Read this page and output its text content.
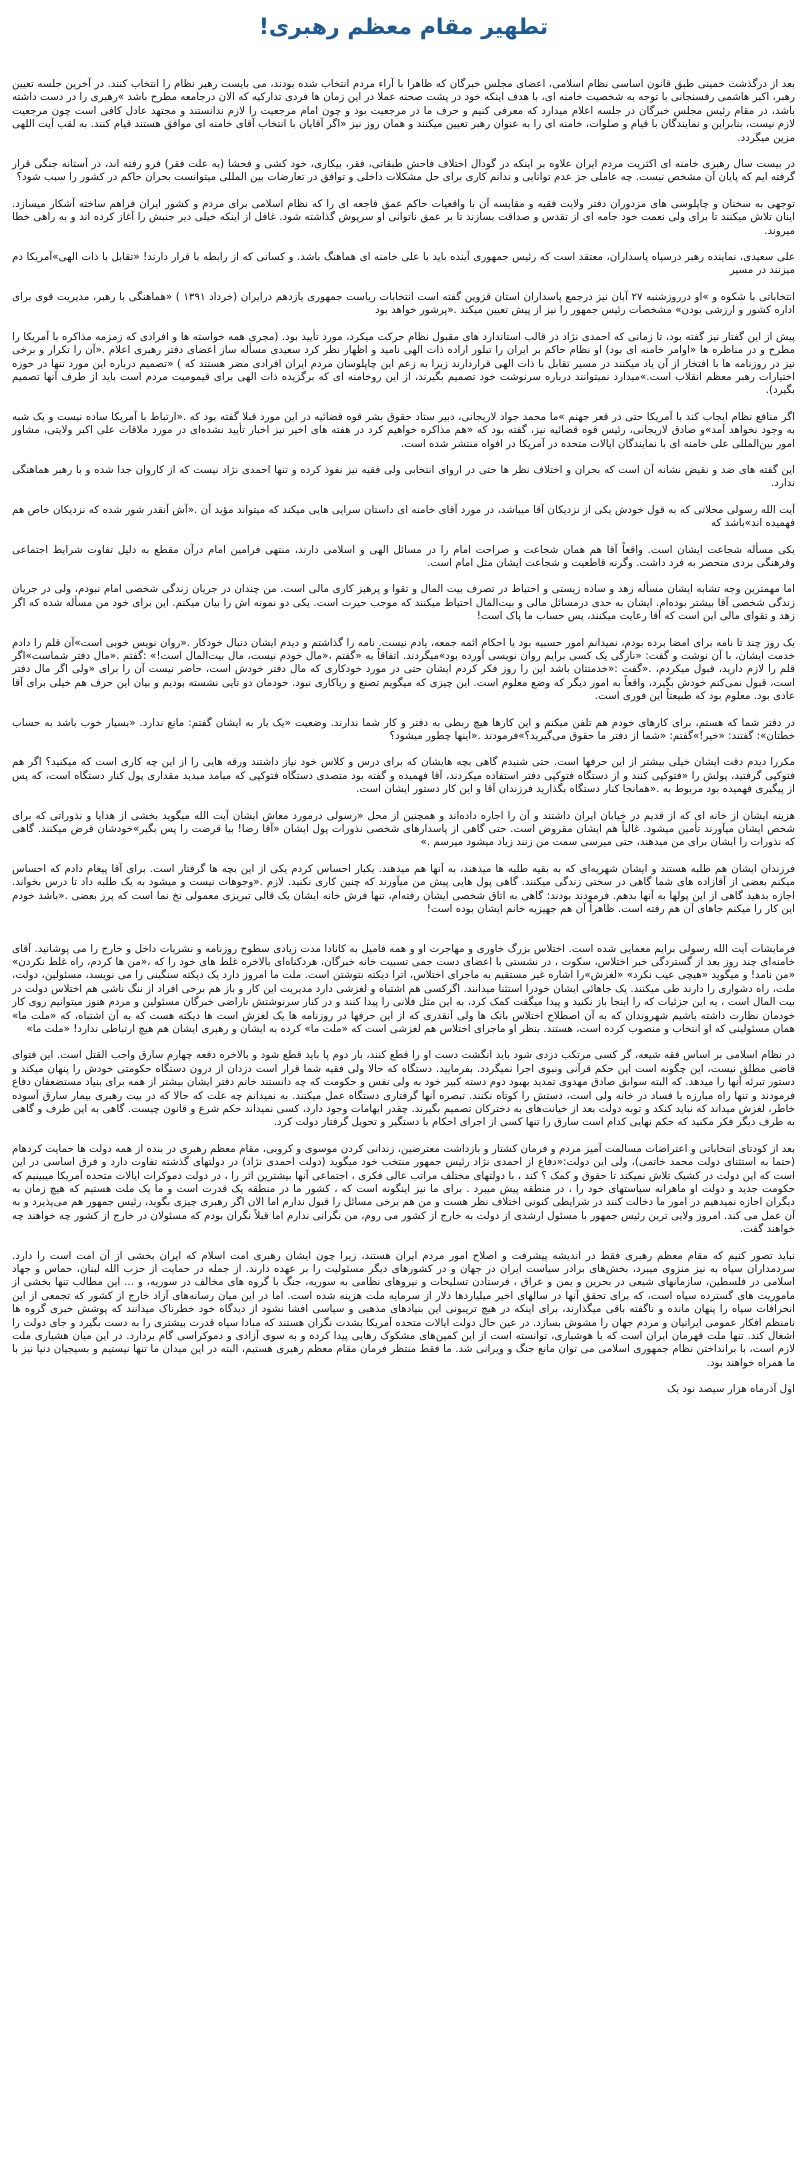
تطهیر مقام معظم رهبری!

بعد از درگذشت خمینی طبق قانون اساسی نظام اسلامی، اعضای مجلس خبرگان که ظاهرا با آراء مردم انتخاب شده بودند، می بایست رهبر نظام را انتخاب کنند. در آخرین جلسه تعیین رهبر، اکبر هاشمی رفسنجانی با توجه به شخصیت خامنه ای، با هدف اینکه خود در پشت صحنه عملا در این زمان ها فردی تدارکیه که الان درجامعه مطرح باشد »رهبری را در دست داشته باشد، در مقام رئیس مجلس خبرگان در جلسه اعلام میدارد که معرفی کنیم و حرف ما در مرجعیت بود و چون امام مرجعیت را لازم ندانستند و مجتهد عادل کافی است چون مرجعیت لازم نیست، بنابراین و نمایندگان با قیام و صلوات، خامنه ای را به عنوان رهبر تعیین میکنند و همان روز نیز «اگر آقایان با انتخاب آقای خامنه ای موافق هستند قیام کنند. به لقب آیت اللهی مزین میگردد.

در بیست سال رهبری خامنه ای اکثریت مردم ایران علاوه بر اینکه در گودال اختلاف فاحش طبقاتی، فقر، بیکاری، خود کشی و فحشا (به علت فقر) فرو رفته اند، در آستانه جنگی قرار گرفته ایم که پایان آن مشخص نیست. چه عاملی جز عدم توانایی و ندانم کاری برای حل مشکلات داخلی و توافق در تعارضات بین المللی میتوانست بحران حاکم در کشور را سبب شود؟

توجهی به سخنان و چاپلوسی های مزدوران دفتر ولایت فقیه و مقایسه آن با واقعیات حاکم عمق فاجعه ای را که نظام اسلامی برای مردم و کشور ایران فراهم ساخته آشکار میسازد. اینان تلاش میکنند تا برای ولی نعمت خود جامه ای از تقدس و صداقت بسازند تا بر عمق ناتوانی او سرپوش گذاشته شود. غافل از اینکه خیلی دیر جنبش را آغاز کرده اند و به راهی خطا میروند.

علی سعیدی، نماینده رهبر درسپاه پاسداران، معتقد است که رئیس جمهوری آینده باید با علی خامنه ای هماهنگ باشد. و کسانی که از رابطه با قرار دارند! «تقابل با ذات الهی»آمریکا دم میزنند در مسیر

انتخاباتی با شکوه و »او درروزشنبه ۲۷ آبان نیز درجمع پاسداران استان قزوین گفته است انتخابات ریاست جمهوری یازدهم درایران (خرداد ۱۳۹۱ ) «هماهنگی با رهبر، مدیریت قوی برای اداره کشور و ارزشی بودن» مشخصات رئیس جمهور را نیز از پیش تعیین میکند .«پرشور خواهد بود

پیش از این گفتار نیز گفته بود، تا زمانی که احمدی نژاد در قالب استاندارد های مقبول نظام حرکت میکرد، مورد تأیید بود. (مجری همه خواسته ها و افرادی که زمزمه مذاکره با آمریکا را مطرح و در مناظره ها «اوامر خامنه ای بود) او نظام حاکم بر ایران را تبلور اراده ذات الهی نامید و اظهار نظر کرد سعیدی مسأله ساز اعضای دفتر رهبری اعلام .«آن را تکرار و برخی نیز در روزنامه ها با افتخار از آن یاد میکنند در مسیر تقابل با ذات الهی قراردارند زیرا به زعم این چاپلوسان مردم ایران افرادی مضر هستند که ) «تصمیم درباره این مورد تنها در حوزه اختیارات رهبر معظم انقلاب است.»میدارد نمیتوانند درباره سرنوشت خود تصمیم بگیرند، از این روخامنه ای که برگزیده ذات الهی برای قیمومیت مردم است باید از طرف آنها تصمیم بگیرد).

اگر منافع نظام ایجاب کند با آمریکا حتی در قعر جهنم »ما محمد جواد لاریجانی، دبیر ستاد حقوق بشر قوه قضائیه در این مورد قبلا گفته بود که .«ارتباط با آمریکا ساده نیست و یک شبه به وجود نخواهد آمد»و صادق لاریجانی، رئیس قوه قضائیه نیز، گفته بود که «هم مذاکره خواهیم کرد در هفته های اخیر نیز اخبار تأیید نشده‌ای در مورد ملاقات علی اکبر ولایتی، مشاور امور بین‌المللی علی خامنه ای با نمایندگان ایالات متحده در آمریکا در افواه منتشر شده است.

این گفته های ضد و نقیض نشانه آن است که بحران و اختلاف نظر ها حتی در اروای انتخابی ولی فقیه نیز نفوذ کرده و تنها احمدی نژاد نیست که از کاروان جدا شده و با رهبر هماهنگی ندارد.

آیت الله رسولی محلاتی که به قول خودش یکی از نزدیکان آقا میباشد، در مورد آقای خامنه ای داستان سرایی هایی میکند که میتواند مؤید آن .«آش آنقدر شور شده که نزدیکان خاص هم فهمیده اند»باشد که

یکی مسأله شجاعت ایشان است. واقعاً آقا هم همان شجاعت و صراحت امام را در مسائل الهی و اسلامی دارند، منتهی فرامین امام درآن مقطع به دلیل تفاوت شرایط اجتماعی وفرهنگی بردی منحصر به فرد داشت. وگرنه قاطعیت و شجاعت ایشان مثل امام است.

اما مهمترین وجه تشابه ایشان مسأله زهد و ساده زیستی و احتیاط در تصرف بیت المال و تقوا و پرهیز کاری مالی است. من چندان در جریان زندگی شخصی امام نبودم، ولی در جریان زندگی شخصی آقا بیشتر بوده‌ام. ایشان به حدی درمسائل مالی و بیت‌المال احتیاط میکنند که موجب حیرت است. یکی دو نمونه اش را بیان میکنم. این برای خود من مسأله شده که اگر زهد و تقوای مالی این است که آقا رعایت میکنند، پس حساب ما پاک است!

یک روز چند تا نامه برای امضا برده بودم، نمیدانم امور حسبیه بود یا احکام ائمه جمعه، یادم نیست. نامه را گذاشتم و دیدم ایشان دنبال خودکار .«روان نویس خوبی است»آن قلم را دادم خدمت ایشان، با آن نوشت و گفت: «نازگی یک کسی برایم روان نویسی آورده بود»میگردند. اتفاقاً به «گفتم ،«مال خودم نیست، مال بیت‌المال است!» :گفتم .«مال دفتر شماست»اگر قلم را لازم دارید، قبول میکردم، .«گفت :«خدمتتان باشد این را روز فکر کردم ایشان حتی در مورد خودکاری که مال دفتر خودش است، حاضر نیست آن را برای «ولی اگر مال دفتر است، قبول نمی‌کنم خودش بگیرد، واقعاً به امور دیگر که وضع معلوم است. این چیزی که میگویم تصنع و ریاکاری نبود. خودمان دو تایی نشسته بودیم و بیان این حرف هم خیلی برای آقا عادی بود. معلوم بود که طبیعتاً این فوری است.

در دفتر شما که هستم، برای کارهای خودم هم تلفن میکنم و این کارها هیچ ربطی به دفتر و کار شما ندارند. وضعیت «یک بار به ایشان گفتم: مانع ندارد. «بسیار خوب باشد به حساب خطتان»: گفتند: «خیر!»گفتم: «شما از دفتر ما حقوق می‌گیرید؟»فرمودند .«اینها چطور میشود؟

مکررا دیدم دقت ایشان خیلی بیشتر از این حرفها است. حتی شنیدم گاهی بچه هایشان که برای درس و کلاس خود نیاز داشتند ورقه هایی را از این چه کاری است که میکنید؟ اگر هم فتوکپی گرفتید، پولش را «فتوکپی کنند و از دستگاه فتوکپی دفتر استفاده میکردند، آقا فهمیده و گفته بود متصدی دستگاه فتوکپی که میامد مبدید مقداری پول کنار دستگاه است، که پس از پیگیری فهمیده بود مربوط به .«همانجا کنار دستگاه بگذارید فرزندان آقا و این کار دستور ایشان است.

هزینه ایشان از خانه ای که از قدیم در خیابان ایران داشتند و آن را اجاره داده‌اند و همچنین از محل «رسولی درمورد معاش ایشان آیت الله میگوید بخشی از هدایا و نذوراتی که برای شخص ایشان میآورند تأمین میشود. غالباً هم ایشان مقروض است. حتی گاهی از پاسدارهای شخصی نذورات پول ایشان «آقا رضا! بیا قرضت را پس بگیر»خودشان قرض میکنند. گاهی که نذورات را ایشان برای من میدهند، حتی میرسی سمت من زنند زیاد میشود میرسم .»

فرزندان ایشان هم طلبه هستند و ایشان شهریه‌ای که به بقیه طلبه ها میدهند، به آنها هم میدهند. یکبار احساس کردم یکی از این بچه ها گرفتار است. برای آقا پیغام دادم که احساس میکنم بعضی از آقازاده های شما گاهی در سختی زندگی میکنند. گاهی پول هایی پیش من میآورند که چنین کاری نکنید. لازم .«وجوهات نیست و میشود به یک طلبه داد تا درس بخواند. اجازه بدهید گاهی از این پولها به آنها بدهم. فرمودند بودند: گاهی به اتاق شخصی ایشان رفته‌ام، تنها فرش خانه ایشان یک قالی تبریزی معمولی نخ نما است که پرز بعضی .«باشد خودم این کار را میکنم جاهای آن هم رفته است. ظاهراً آن هم جهیزیه خانم ایشان بوده است!

فرمایشات آیت الله رسولی برایم معمایی شده است. اختلاس بزرگ خاوری و مهاجرت او و همه فامیل به کانادا مدت زیادی سطوح روزنامه و نشریات داخل و خارج را می پوشانید. آقای خامنه‌ای چند روز بعد از گستردگی خبر اختلاس، سکوت ، در نشستی با اعضای دست جمی تسبیت خانه خبرگان، هردکناه‌ای بالاخره غلط های خود را که ،«من ها کردم، راه غلط نکردن» «من نامد! و میگوید «هیچی عیب نکرد» «لغزش»را اشاره غیر مستقیم به ماجرای اختلاس، اترا دیکته نتوشتن است. ملت ما امروز دارد یک دیکته سنگینی را می نویسد، مسئولین، دولت، ملت، راه دشواری را دارند طی میکنند. یک جاهائی ایشان خودرا استثنا میدانند. اگرکسی هم اشتباه و لغزشی دارد مدیریت این کار و باز هم برخی افراد از ننگ ناشی هم اختلاس دولت در بیت المال است ، یه این جزئیات که را اینجا باز نکنید و پیدا میگفت کمک کرد، به این مثل فلانی را پیدا کنند و در کنار سرنوشتش ناراضی خبرگان مسئولین و مردم هنوز میتوانیم روی کار خودمان نظارت داشته باشیم شهروندان که به آن اصطلاح اختلاس بانک ها ولی آنقدری که از این حرفها در روزنامه ها یک لغزش است ها دیکته هست که به آن اشتباه، که «ملت ما» همان مسئولینی که او انتخاب و منصوب کرده است، هستند. بنظر او ماجرای اختلاس هم لغزشی است که «ملت ما» کرده به ایشان و رهبری ایشان هم هیچ ارتباطی ندارد! «ملت ما»

در نظام اسلامی بر اساس فقه شیعه، گر کسی مرتکب دزدی شود باید انگشت دست او را قطع کنند، بار دوم پا باید قطع شود و بالاخره دفعه چهارم سارق واجب القتل است. این فتوای قاضی مطلق نیست، این چگونه است این حکم قرآنی ونبوی اجرا نمیگردد. بفرمایید. دستگاه که حالا ولی فقیه شما قرار است دزدان از درون دستگاه حکومتی خودش را پنهان میکند و دستور تبرئه آنها را میدهد. که البته سوابق صادق مهدوی تمدید بهبود دوم دسته کبیر خود به ولی نفس و حکومت که چه دانستند خانم دفتر ایشان بیشتر از همه برای بنیاد مستضعفان دفاع فرمودند و تنها راه مبارزه با فساد در خانه ولی است، دستش را کوتاه نکنند. تبصره آنها گرفتاری دستگاه عمل میکنند. به نمیدانم چه علت که حالا که در بیت رهبری بیمار سارق آسوده خاطر، لغزش میداند که نباید کنکد و توبه دولت بعد از خیانت‌های به دخترکان تصمیم بگیرند. چقدر ابهامات وجود دارد، کسی نمیداند حکم شرع و قانون چیست. گاهی به این طرف و گاهی به طرف دیگر فکر مکنید که حکم نهایی کدام است سارق را تنها کسی از اجرای احکام با دستگیر و تحویل گرفتار دولت کرد.

بعد از کودتای انتخاباتی و اعتراضات مسالمت آمیز مردم و فرمان کشتار و بازداشت معترضین، زندانی کردن موسوی و کروبی، مقام معظم رهبری در بنده از همه دولت ها حمایت کردهام (حتما به استثنای دولت محمد خاتمی)، ولی این دولت:«دفاع از احمدی نژاد رئیس جمهور منتخب خود میگوید (دولت احمدی نژاد) در دولتهای گذشته تفاوت دارد و فرق اساسی در این است که این دولت در کشیک تلاش نمیکند تا حقوق و کمک ؟ کند ، با دولتهای مختلف مراتب عالی فکری ، اجتماعی آنها بیشترین اثر را ، در دولت دموکرات ایالات متحده آمریکا میبینیم که حکومت جدید و دولت او ماهرانه سیاستهای خود را ، در منطقه پیش میبرد . برای ما نیز اینگونه است که ، کشور ما در منطقه یک قدرت است و ما یک ملت هستیم که هیچ زمان به دیگران اجازه نمیدهیم در امور ما دخالت کنند در شرایطی کنونی اختلاف نظر هست و من هم برخی مسائل را قبول ندارم اما الان اگر رهبری چیزی بگوید، رئیس جمهور هم می‌پذیرد و به آن عمل می کند. امروز ولایی ترین رئیس جمهور با مسئول ارشدی از دولت به خارج از کشور می روم، من نگرانی ندارم اما قبلاً نگران بودم که مسئولان در خارج از کشور چه خواهند چه خواهند گفت.

نباید تصور کنیم که مقام معظم رهبری فقط در اندیشه پیشرفت و اصلاح امور مردم ایران هستند، زیرا چون ایشان رهبری امت اسلام که ایران بخشی از آن امت است را دارد. سردمداران سپاه به نیز منزوی میبرد، بخش‌های برادر سیاست ایران در جهان و در کشورهای دیگر مسئولیت را بر عهده دارند. از جمله در حمایت از حزب الله لبنان، حماس و جهاد اسلامی در فلسطین، سازمانهای شیعی در بحرین و یمن و عراق ، فرستادن تسلیحات و نیروهای نظامی به سوریه، جنگ با گروه های مخالف در سوریه، و ... این مطالب تنها بخشی از ماموریت های گسترده سپاه است، که برای تحقق آنها در سالهای اخیر میلیاردها دلار از سرمایه ملت هزینه شده است. اما در این میان رسانه‌های آزاد خارج از کشور که تجمعی از این انحرافات سپاه را پنهان مانده و ناگفته باقی میگذارند، برای اینکه در هیچ تریبونی این بنیادهای مذهبی و سیاسی افشا نشود از دیدگاه خود خطرناک میدانند که پوشش خبری گروه ها نامنظم افکار عمومی ایرانیان و مردم جهان را مشوش بسازد. در عین حال دولت ایالات متحده آمریکا بشدت نگران هستند که مبادا سپاه قدرت بیشتری را به دست بگیرد و جای دولت را اشغال کند. تنها ملت قهرمان ایران است که با هوشیاری، توانسته است از این کمین‌های مشکوک رهایی پیدا کرده و به سوی آزادی و دموکراسی گام بردارد. در این میان هشیاری ملت لازم است، با برانداختن نظام جمهوری اسلامی می توان مانع جنگ و ویرانی شد. ما فقط منتظر فرمان مقام معظم رهبری هستیم، البته در این میدان ما تنها نیستیم و بسیجیان دنیا نیز با ما همراه خواهند بود.

اول آذرماه هزار سیصد نود یک
